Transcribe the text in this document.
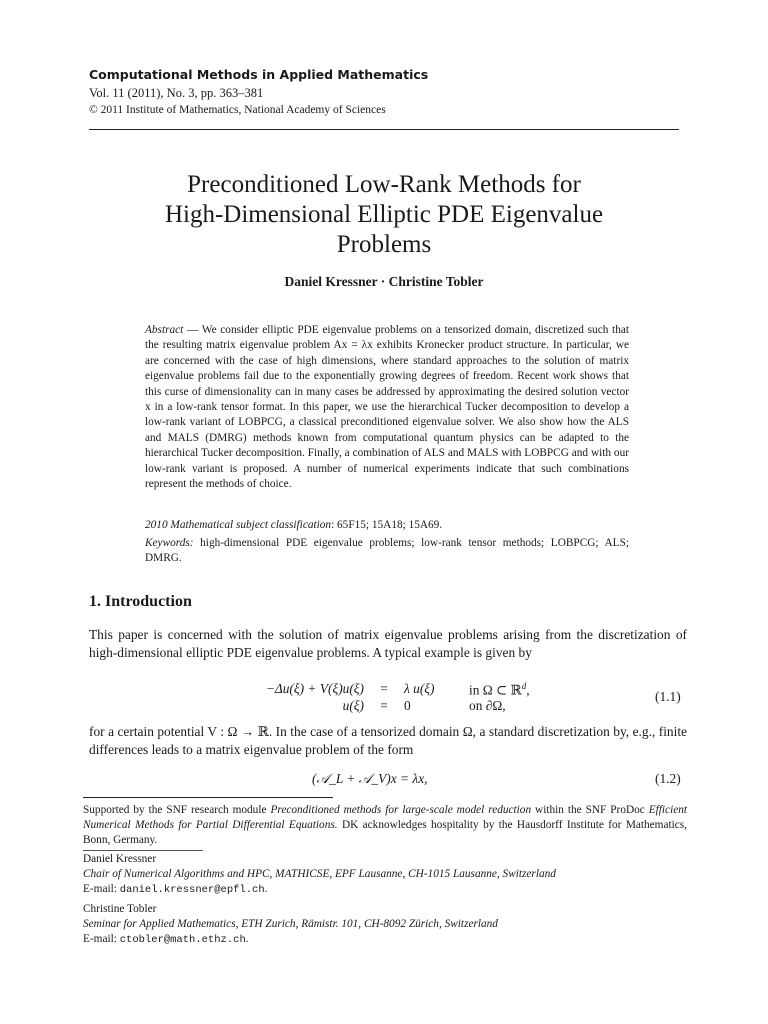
Computational Methods in Applied Mathematics
Vol. 11 (2011), No. 3, pp. 363–381
© 2011 Institute of Mathematics, National Academy of Sciences
Preconditioned Low-Rank Methods for
High-Dimensional Elliptic PDE Eigenvalue
Problems
Daniel Kressner · Christine Tobler

Abstract — We consider elliptic PDE eigenvalue problems on a tensorized domain, discretized such that the resulting matrix eigenvalue problem Ax = λx exhibits Kronecker product structure. In particular, we are concerned with the case of high dimensions, where standard approaches to the solution of matrix eigenvalue problems fail due to the exponentially growing degrees of freedom. Recent work shows that this curse of dimensionality can in many cases be addressed by approximating the desired solution vector x in a low-rank tensor format. In this paper, we use the hierarchical Tucker decomposition to develop a low-rank variant of LOBPCG, a classical preconditioned eigenvalue solver. We also show how the ALS and MALS (DMRG) methods known from computational quantum physics can be adapted to the hierarchical Tucker decomposition. Finally, a combination of ALS and MALS with LOBPCG and with our low-rank variant is proposed. A number of numerical experiments indicate that such combinations represent the methods of choice.

2010 Mathematical subject classification: 65F15; 15A18; 15A69.
Keywords: high-dimensional PDE eigenvalue problems; low-rank tensor methods; LOBPCG; ALS; DMRG.
1. Introduction
This paper is concerned with the solution of matrix eigenvalue problems arising from the discretization of high-dimensional elliptic PDE eigenvalue problems. A typical example is given by
−Δu(ξ) + V(ξ)u(ξ) = λ u(ξ)	in Ω ⊂ ℝ$^d$,
u(ξ) = 0	on ∂Ω,
(1.1)
for a certain potential V : Ω → ℝ. In the case of a tensorized domain Ω, a standard discretization by, e.g., finite differences leads to a matrix eigenvalue problem of the form
(𝒜_L + 𝒜_V)x = λx,	(1.2)
Supported by the SNF research module Preconditioned methods for large-scale model reduction within the SNF ProDoc Efficient Numerical Methods for Partial Differential Equations. DK acknowledges hospitality by the Hausdorff Institute for Mathematics, Bonn, Germany.
Daniel Kressner
Chair of Numerical Algorithms and HPC, MATHICSE, EPF Lausanne, CH-1015 Lausanne, Switzerland
E-mail: daniel.kressner@epfl.ch.
Christine Tobler
Seminar for Applied Mathematics, ETH Zurich, Rämistr. 101, CH-8092 Zürich, Switzerland
E-mail: ctobler@math.ethz.ch.
